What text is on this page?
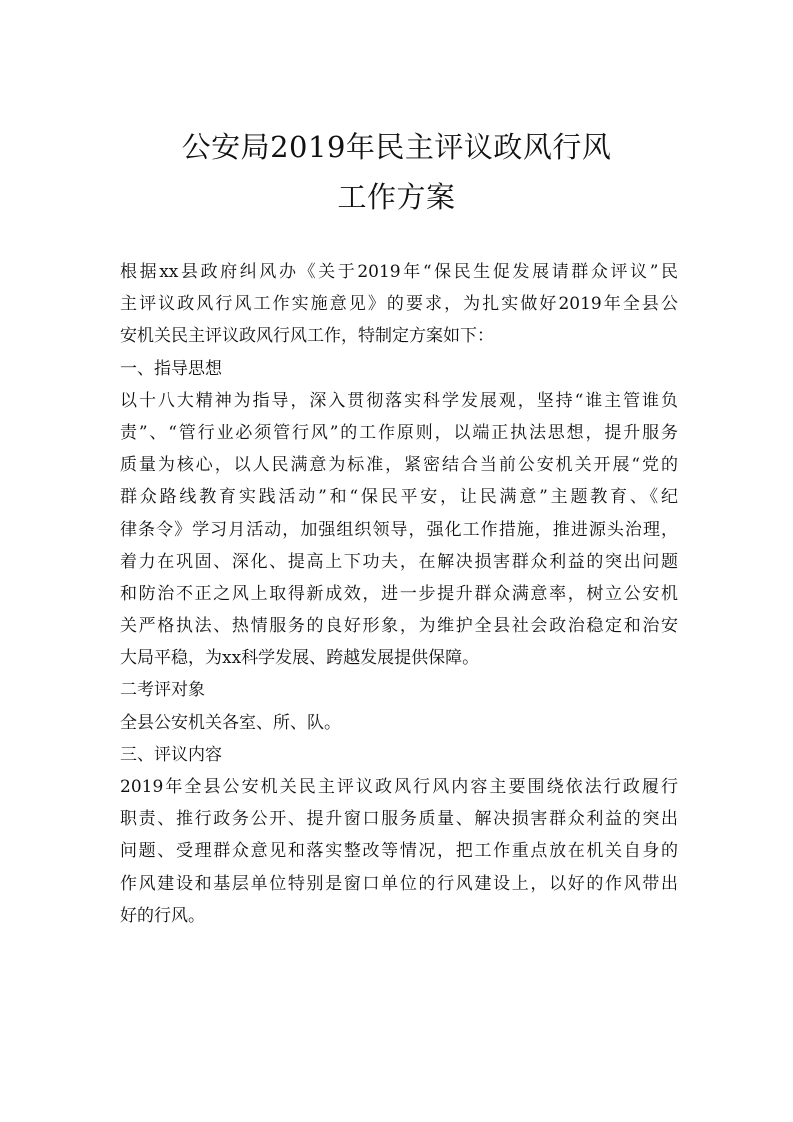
公安局2019年民主评议政风行风
工作方案
根据xx县政府纠风办《关于2019年“保民生促发展请群众评议”民
主评议政风行风工作实施意见》的要求，为扎实做好2019年全县公
安机关民主评议政风行风工作，特制定方案如下：
一、指导思想
以十八大精神为指导，深入贯彻落实科学发展观，坚持“谁主管谁负
责”、“管行业必须管行风”的工作原则，以端正执法思想，提升服务
质量为核心，以人民满意为标准，紧密结合当前公安机关开展“党的
群众路线教育实践活动”和“保民平安，让民满意”主题教育、《纪
律条令》学习月活动，加强组织领导，强化工作措施，推进源头治理，
着力在巩固、深化、提高上下功夫，在解决损害群众利益的突出问题
和防治不正之风上取得新成效，进一步提升群众满意率，树立公安机
关严格执法、热情服务的良好形象，为维护全县社会政治稳定和治安
大局平稳，为xx科学发展、跨越发展提供保障。
二考评对象
全县公安机关各室、所、队。
三、评议内容
2019年全县公安机关民主评议政风行风内容主要围绕依法行政履行
职责、推行政务公开、提升窗口服务质量、解决损害群众利益的突出
问题、受理群众意见和落实整改等情况，把工作重点放在机关自身的
作风建设和基层单位特别是窗口单位的行风建设上，以好的作风带出
好的行风。
